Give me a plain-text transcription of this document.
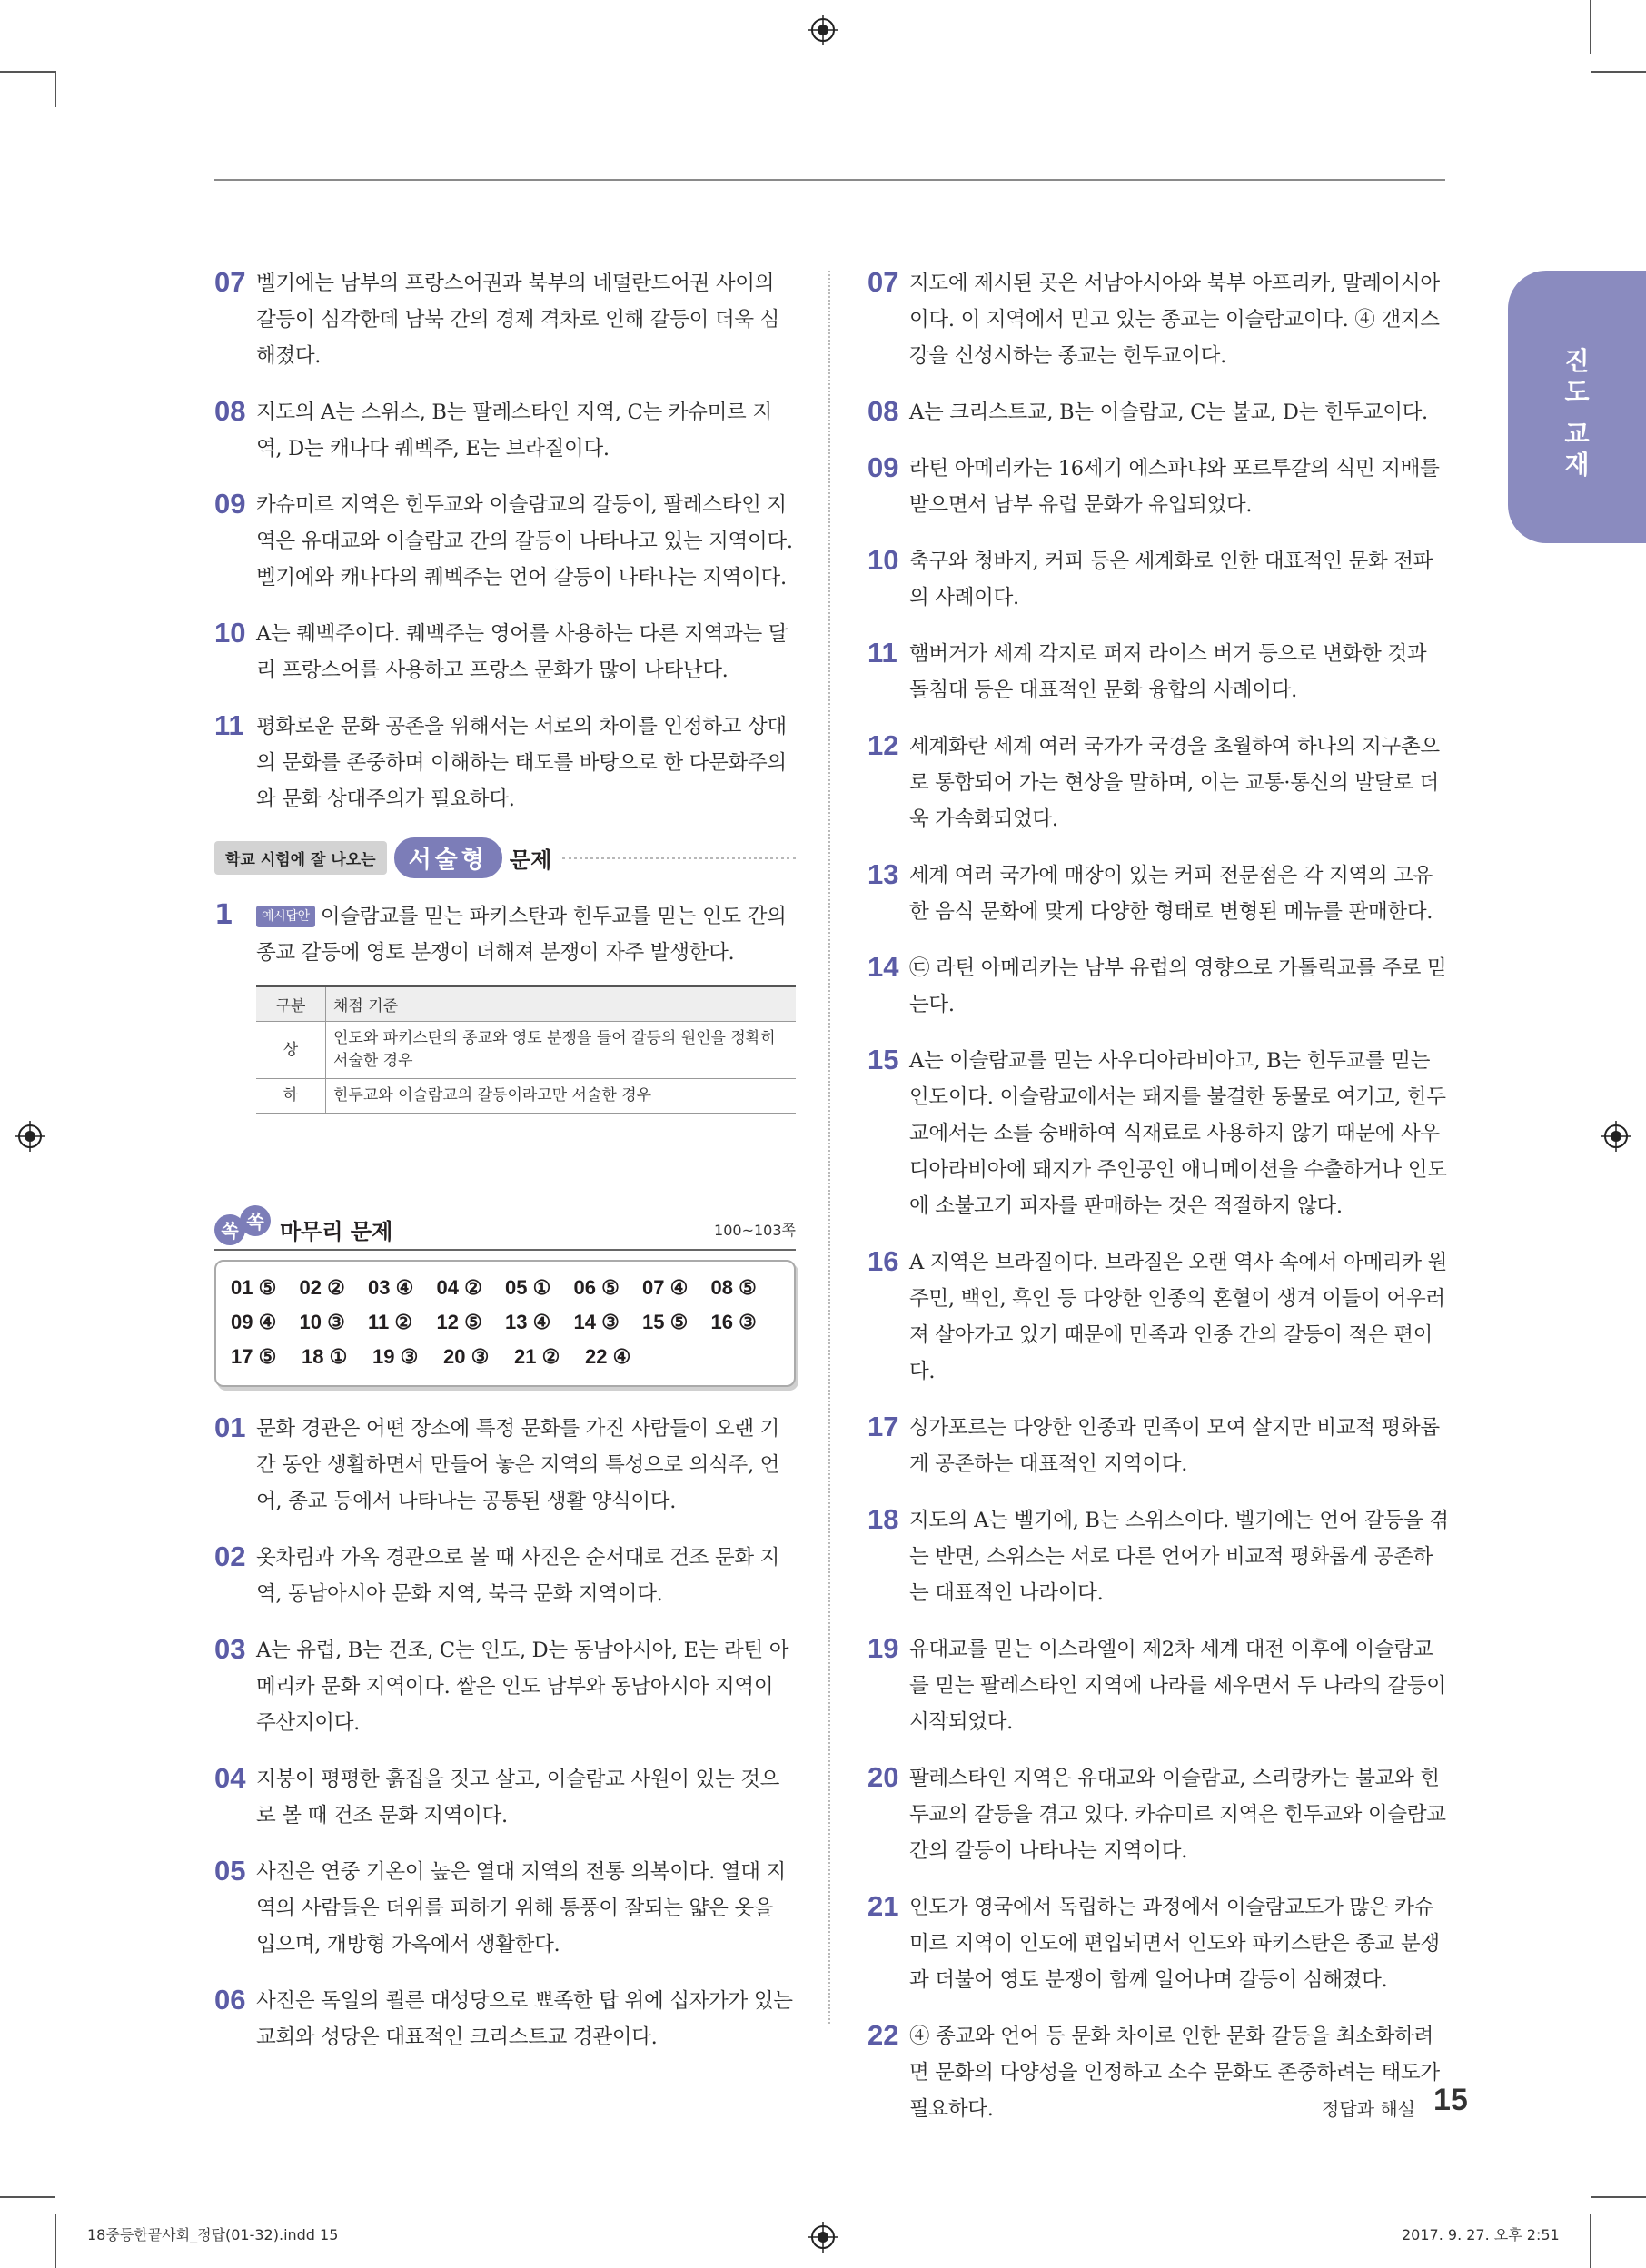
진
도
교
재
07 벨기에는 남부의 프랑스어권과 북부의 네덜란드어권 사이의 갈등이 심각한데 남북 간의 경제 격차로 인해 갈등이 더욱 심해졌다.
08 지도의 A는 스위스, B는 팔레스타인 지역, C는 카슈미르 지역, D는 캐나다 퀘벡주, E는 브라질이다.
09 카슈미르 지역은 힌두교와 이슬람교의 갈등이, 팔레스타인 지역은 유대교와 이슬람교 간의 갈등이 나타나고 있는 지역이다. 벨기에와 캐나다의 퀘벡주는 언어 갈등이 나타나는 지역이다.
10 A는 퀘벡주이다. 퀘벡주는 영어를 사용하는 다른 지역과는 달리 프랑스어를 사용하고 프랑스 문화가 많이 나타난다.
11 평화로운 문화 공존을 위해서는 서로의 차이를 인정하고 상대의 문화를 존중하며 이해하는 태도를 바탕으로 한 다문화주의와 문화 상대주의가 필요하다.
학교 시험에 잘 나오는	서술형	문제
1	예시답안 이슬람교를 믿는 파키스탄과 힌두교를 믿는 인도 간의 종교 갈등에 영토 분쟁이 더해져 분쟁이 자주 발생한다.
구분	채점 기준
상	인도와 파키스탄의 종교와 영토 분쟁을 들어 갈등의 원인을 정확히 서술한 경우
하	힌두교와 이슬람교의 갈등이라고만 서술한 경우
쏙 쏙 마무리 문제	100~103쪽
01 ⑤	02 ②	03 ④	04 ②	05 ①	06 ⑤	07 ④	08 ⑤
09 ④	10 ③	11 ②	12 ⑤	13 ④	14 ③	15 ⑤	16 ③
17 ⑤	18 ①	19 ③	20 ③	21 ②	22 ④
01 문화 경관은 어떤 장소에 특정 문화를 가진 사람들이 오랜 기간 동안 생활하면서 만들어 놓은 지역의 특성으로 의식주, 언어, 종교 등에서 나타나는 공통된 생활 양식이다.
02 옷차림과 가옥 경관으로 볼 때 사진은 순서대로 건조 문화 지역, 동남아시아 문화 지역, 북극 문화 지역이다.
03 A는 유럽, B는 건조, C는 인도, D는 동남아시아, E는 라틴 아메리카 문화 지역이다. 쌀은 인도 남부와 동남아시아 지역이 주산지이다.
04 지붕이 평평한 흙집을 짓고 살고, 이슬람교 사원이 있는 것으로 볼 때 건조 문화 지역이다.
05 사진은 연중 기온이 높은 열대 지역의 전통 의복이다. 열대 지역의 사람들은 더위를 피하기 위해 통풍이 잘되는 얇은 옷을 입으며, 개방형 가옥에서 생활한다.
06 사진은 독일의 쾰른 대성당으로 뾰족한 탑 위에 십자가가 있는 교회와 성당은 대표적인 크리스트교 경관이다.
07 지도에 제시된 곳은 서남아시아와 북부 아프리카, 말레이시아이다. 이 지역에서 믿고 있는 종교는 이슬람교이다. ④ 갠지스강을 신성시하는 종교는 힌두교이다.
08 A는 크리스트교, B는 이슬람교, C는 불교, D는 힌두교이다.
09 라틴 아메리카는 16세기 에스파냐와 포르투갈의 식민 지배를 받으면서 남부 유럽 문화가 유입되었다.
10 축구와 청바지, 커피 등은 세계화로 인한 대표적인 문화 전파의 사례이다.
11 햄버거가 세계 각지로 퍼져 라이스 버거 등으로 변화한 것과 돌침대 등은 대표적인 문화 융합의 사례이다.
12 세계화란 세계 여러 국가가 국경을 초월하여 하나의 지구촌으로 통합되어 가는 현상을 말하며, 이는 교통·통신의 발달로 더욱 가속화되었다.
13 세계 여러 국가에 매장이 있는 커피 전문점은 각 지역의 고유한 음식 문화에 맞게 다양한 형태로 변형된 메뉴를 판매한다.
14 ㉢ 라틴 아메리카는 남부 유럽의 영향으로 가톨릭교를 주로 믿는다.
15 A는 이슬람교를 믿는 사우디아라비아고, B는 힌두교를 믿는 인도이다. 이슬람교에서는 돼지를 불결한 동물로 여기고, 힌두교에서는 소를 숭배하여 식재료로 사용하지 않기 때문에 사우디아라비아에 돼지가 주인공인 애니메이션을 수출하거나 인도에 소불고기 피자를 판매하는 것은 적절하지 않다.
16 A 지역은 브라질이다. 브라질은 오랜 역사 속에서 아메리카 원주민, 백인, 흑인 등 다양한 인종의 혼혈이 생겨 이들이 어우러져 살아가고 있기 때문에 민족과 인종 간의 갈등이 적은 편이다.
17 싱가포르는 다양한 인종과 민족이 모여 살지만 비교적 평화롭게 공존하는 대표적인 지역이다.
18 지도의 A는 벨기에, B는 스위스이다. 벨기에는 언어 갈등을 겪는 반면, 스위스는 서로 다른 언어가 비교적 평화롭게 공존하는 대표적인 나라이다.
19 유대교를 믿는 이스라엘이 제2차 세계 대전 이후에 이슬람교를 믿는 팔레스타인 지역에 나라를 세우면서 두 나라의 갈등이 시작되었다.
20 팔레스타인 지역은 유대교와 이슬람교, 스리랑카는 불교와 힌두교의 갈등을 겪고 있다. 카슈미르 지역은 힌두교와 이슬람교 간의 갈등이 나타나는 지역이다.
21 인도가 영국에서 독립하는 과정에서 이슬람교도가 많은 카슈미르 지역이 인도에 편입되면서 인도와 파키스탄은 종교 분쟁과 더불어 영토 분쟁이 함께 일어나며 갈등이 심해졌다.
22 ④ 종교와 언어 등 문화 차이로 인한 문화 갈등을 최소화하려면 문화의 다양성을 인정하고 소수 문화도 존중하려는 태도가 필요하다.	정답과 해설 15
18중등한끝사회_정답(01-32).indd 15	2017. 9. 27. 오후 2:51
